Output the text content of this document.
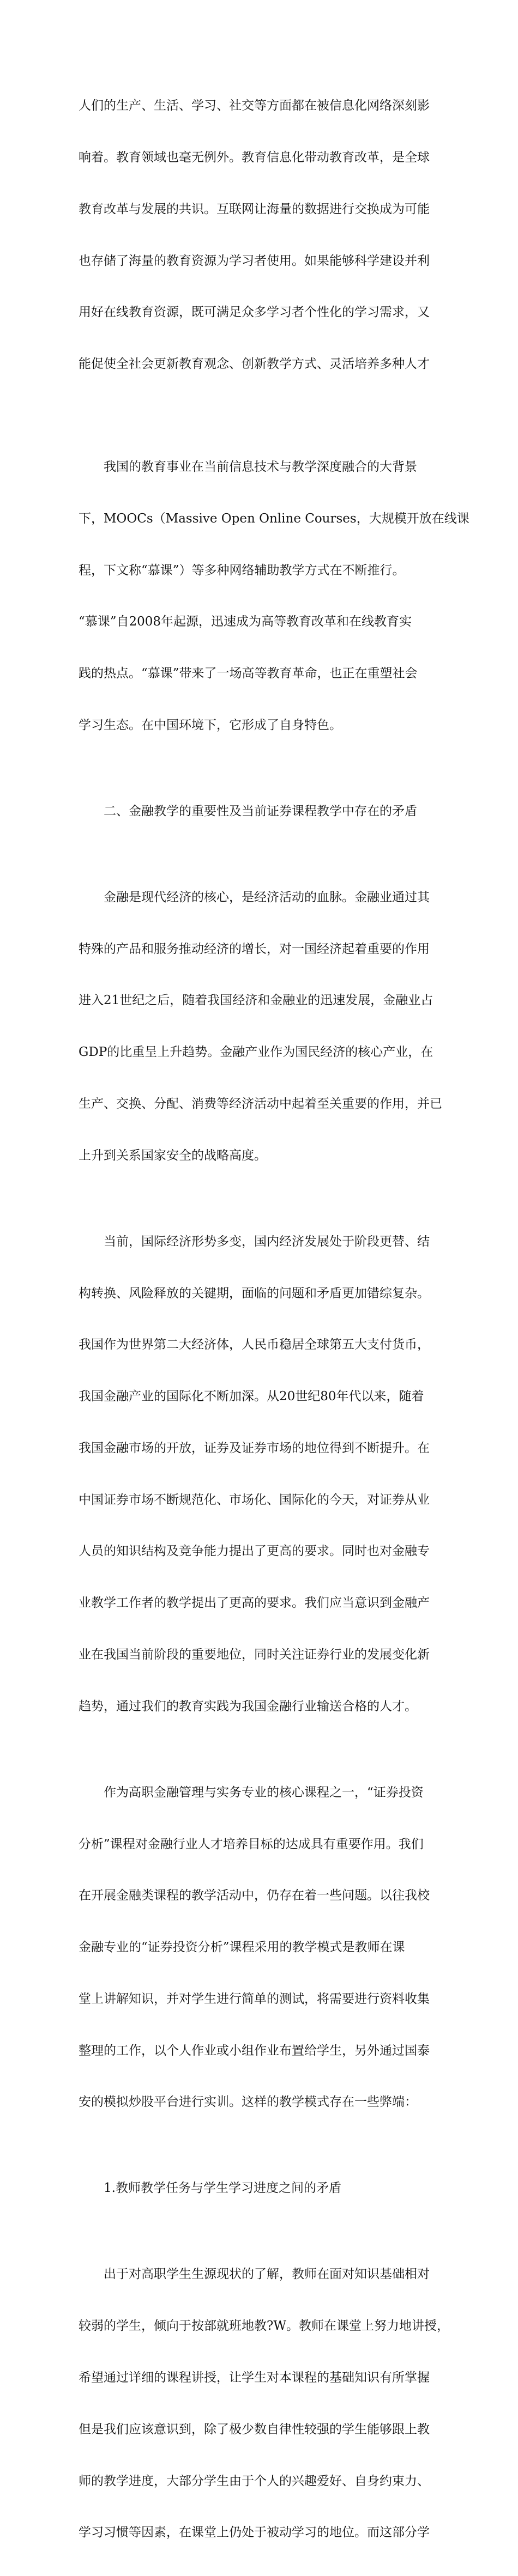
人们的生产、生活、学习、社交等方面都在被信息化网络深刻影

响着。教育领域也毫无例外。教育信息化带动教育改革，是全球

教育改革与发展的共识。互联网让海量的数据进行交换成为可能

也存储了海量的教育资源为学习者使用。如果能够科学建设并利

用好在线教育资源，既可满足众多学习者个性化的学习需求，又

能促使全社会更新教育观念、创新教学方式、灵活培养多种人才

我国的教育事业在当前信息技术与教学深度融合的大背景

下，MOOCs（Massive Open Online Courses，大规模开放在线课

程，下文称“慕课”）等多种网络辅助教学方式在不断推行。

“慕课”自2008年起源，迅速成为高等教育改革和在线教育实

践的热点。“慕课”带来了一场高等教育革命，也正在重塑社会

学习生态。在中国环境下，它形成了自身特色。

二、金融教学的重要性及当前证券课程教学中存在的矛盾

金融是现代经济的核心，是经济活动的血脉。金融业通过其

特殊的产品和服务推动经济的增长，对一国经济起着重要的作用

进入21世纪之后，随着我国经济和金融业的迅速发展，金融业占

GDP的比重呈上升趋势。金融产业作为国民经济的核心产业，在

生产、交换、分配、消费等经济活动中起着至关重要的作用，并已

上升到关系国家安全的战略高度。

当前，国际经济形势多变，国内经济发展处于阶段更替、结

构转换、风险释放的关键期，面临的问题和矛盾更加错综复杂。

我国作为世界第二大经济体，人民币稳居全球第五大支付货币，

我国金融产业的国际化不断加深。从20世纪80年代以来，随着

我国金融市场的开放，证券及证券市场的地位得到不断提升。在

中国证券市场不断规范化、市场化、国际化的今天，对证券从业

人员的知识结构及竞争能力提出了更高的要求。同时也对金融专

业教学工作者的教学提出了更高的要求。我们应当意识到金融产

业在我国当前阶段的重要地位，同时关注证券行业的发展变化新

趋势，通过我们的教育实践为我国金融行业输送合格的人才。

作为高职金融管理与实务专业的核心课程之一，“证券投资

分析”课程对金融行业人才培养目标的达成具有重要作用。我们

在开展金融类课程的教学活动中，仍存在着一些问题。以往我校

金融专业的“证券投资分析”课程采用的教学模式是教师在课

堂上讲解知识，并对学生进行简单的测试，将需要进行资料收集

整理的工作，以个人作业或小组作业布置给学生，另外通过国泰

安的模拟炒股平台进行实训。这样的教学模式存在一些弊端：

1.教师教学任务与学生学习进度之间的矛盾

出于对高职学生生源现状的了解，教师在面对知识基础相对

较弱的学生，倾向于按部就班地教?W。教师在课堂上努力地讲授，

希望通过详细的课程讲授，让学生对本课程的基础知识有所掌握

但是我们应该意识到，除了极少数自律性较强的学生能够跟上教

师的教学进度，大部分学生由于个人的兴趣爱好、自身约束力、

学习习惯等因素，在课堂上仍处于被动学习的地位。而这部分学
